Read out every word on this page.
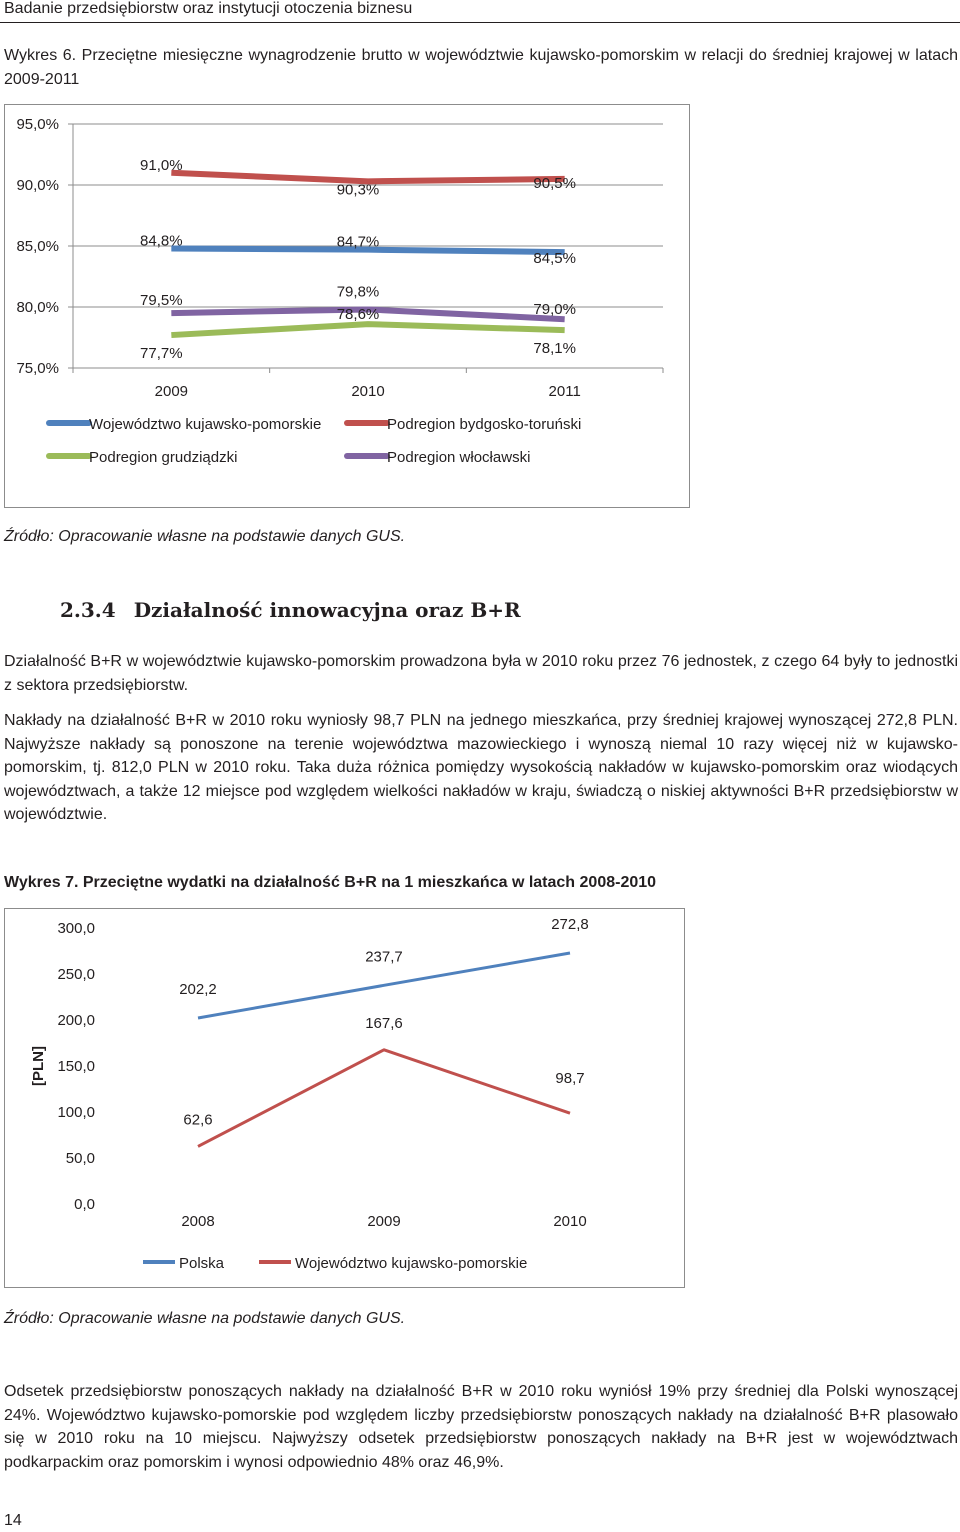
Badanie przedsiębiorstw oraz instytucji otoczenia biznesu
Wykres 6. Przeciętne miesięczne wynagrodzenie brutto w województwie kujawsko-pomorskim w relacji do średniej krajowej w latach 2009-2011
75,0%
80,0%
85,0%
90,0%
95,0%
2009	2010	2011
84,8%	84,7%
84,5%
91,0%
90,3%	90,5%
77,7%
78,6%
78,1%
79,5%
79,8%
79,0%
Województwo kujawsko-pomorskie	Podregion bydgosko-toruński
Podregion grudziądzki	Podregion włocławski
Źródło: Opracowanie własne na podstawie danych GUS.
2.3.4 Działalność innowacyjna oraz B+R
Działalność B+R w województwie kujawsko-pomorskim prowadzona była w 2010 roku przez 76 jednostek, z czego 64 były to jednostki z sektora przedsiębiorstw.
Nakłady na działalność B+R w 2010 roku wyniosły 98,7 PLN na jednego mieszkańca, przy średniej krajowej wynoszącej 272,8 PLN. Najwyższe nakłady są ponoszone na terenie województwa mazowieckiego i wynoszą niemal 10 razy więcej niż w kujawsko-pomorskim, tj. 812,0 PLN w 2010 roku. Taka duża różnica pomiędzy wysokością nakładów w kujawsko-pomorskim oraz wiodących województwach, a także 12 miejsce pod względem wielkości nakładów w kraju, świadczą o niskiej aktywności B+R przedsiębiorstw w województwie.
Wykres 7. Przeciętne wydatki na działalność B+R na 1 mieszkańca w latach 2008-2010
0,0
50,0
100,0
150,0
200,0
250,0
300,0
[PLN]
2008	2009	2010
202,2
237,7
272,8
62,6
167,6
98,7
Polska	Województwo kujawsko-pomorskie
Źródło: Opracowanie własne na podstawie danych GUS.
Odsetek przedsiębiorstw ponoszących nakłady na działalność B+R w 2010 roku wyniósł 19% przy średniej dla Polski wynoszącej 24%. Województwo kujawsko-pomorskie pod względem liczby przedsiębiorstw ponoszących nakłady na działalność B+R plasowało się w 2010 roku na 10 miejscu. Najwyższy odsetek przedsiębiorstw ponoszących nakłady na B+R jest w województwach podkarpackim oraz pomorskim i wynosi odpowiednio 48% oraz 46,9%.
14
